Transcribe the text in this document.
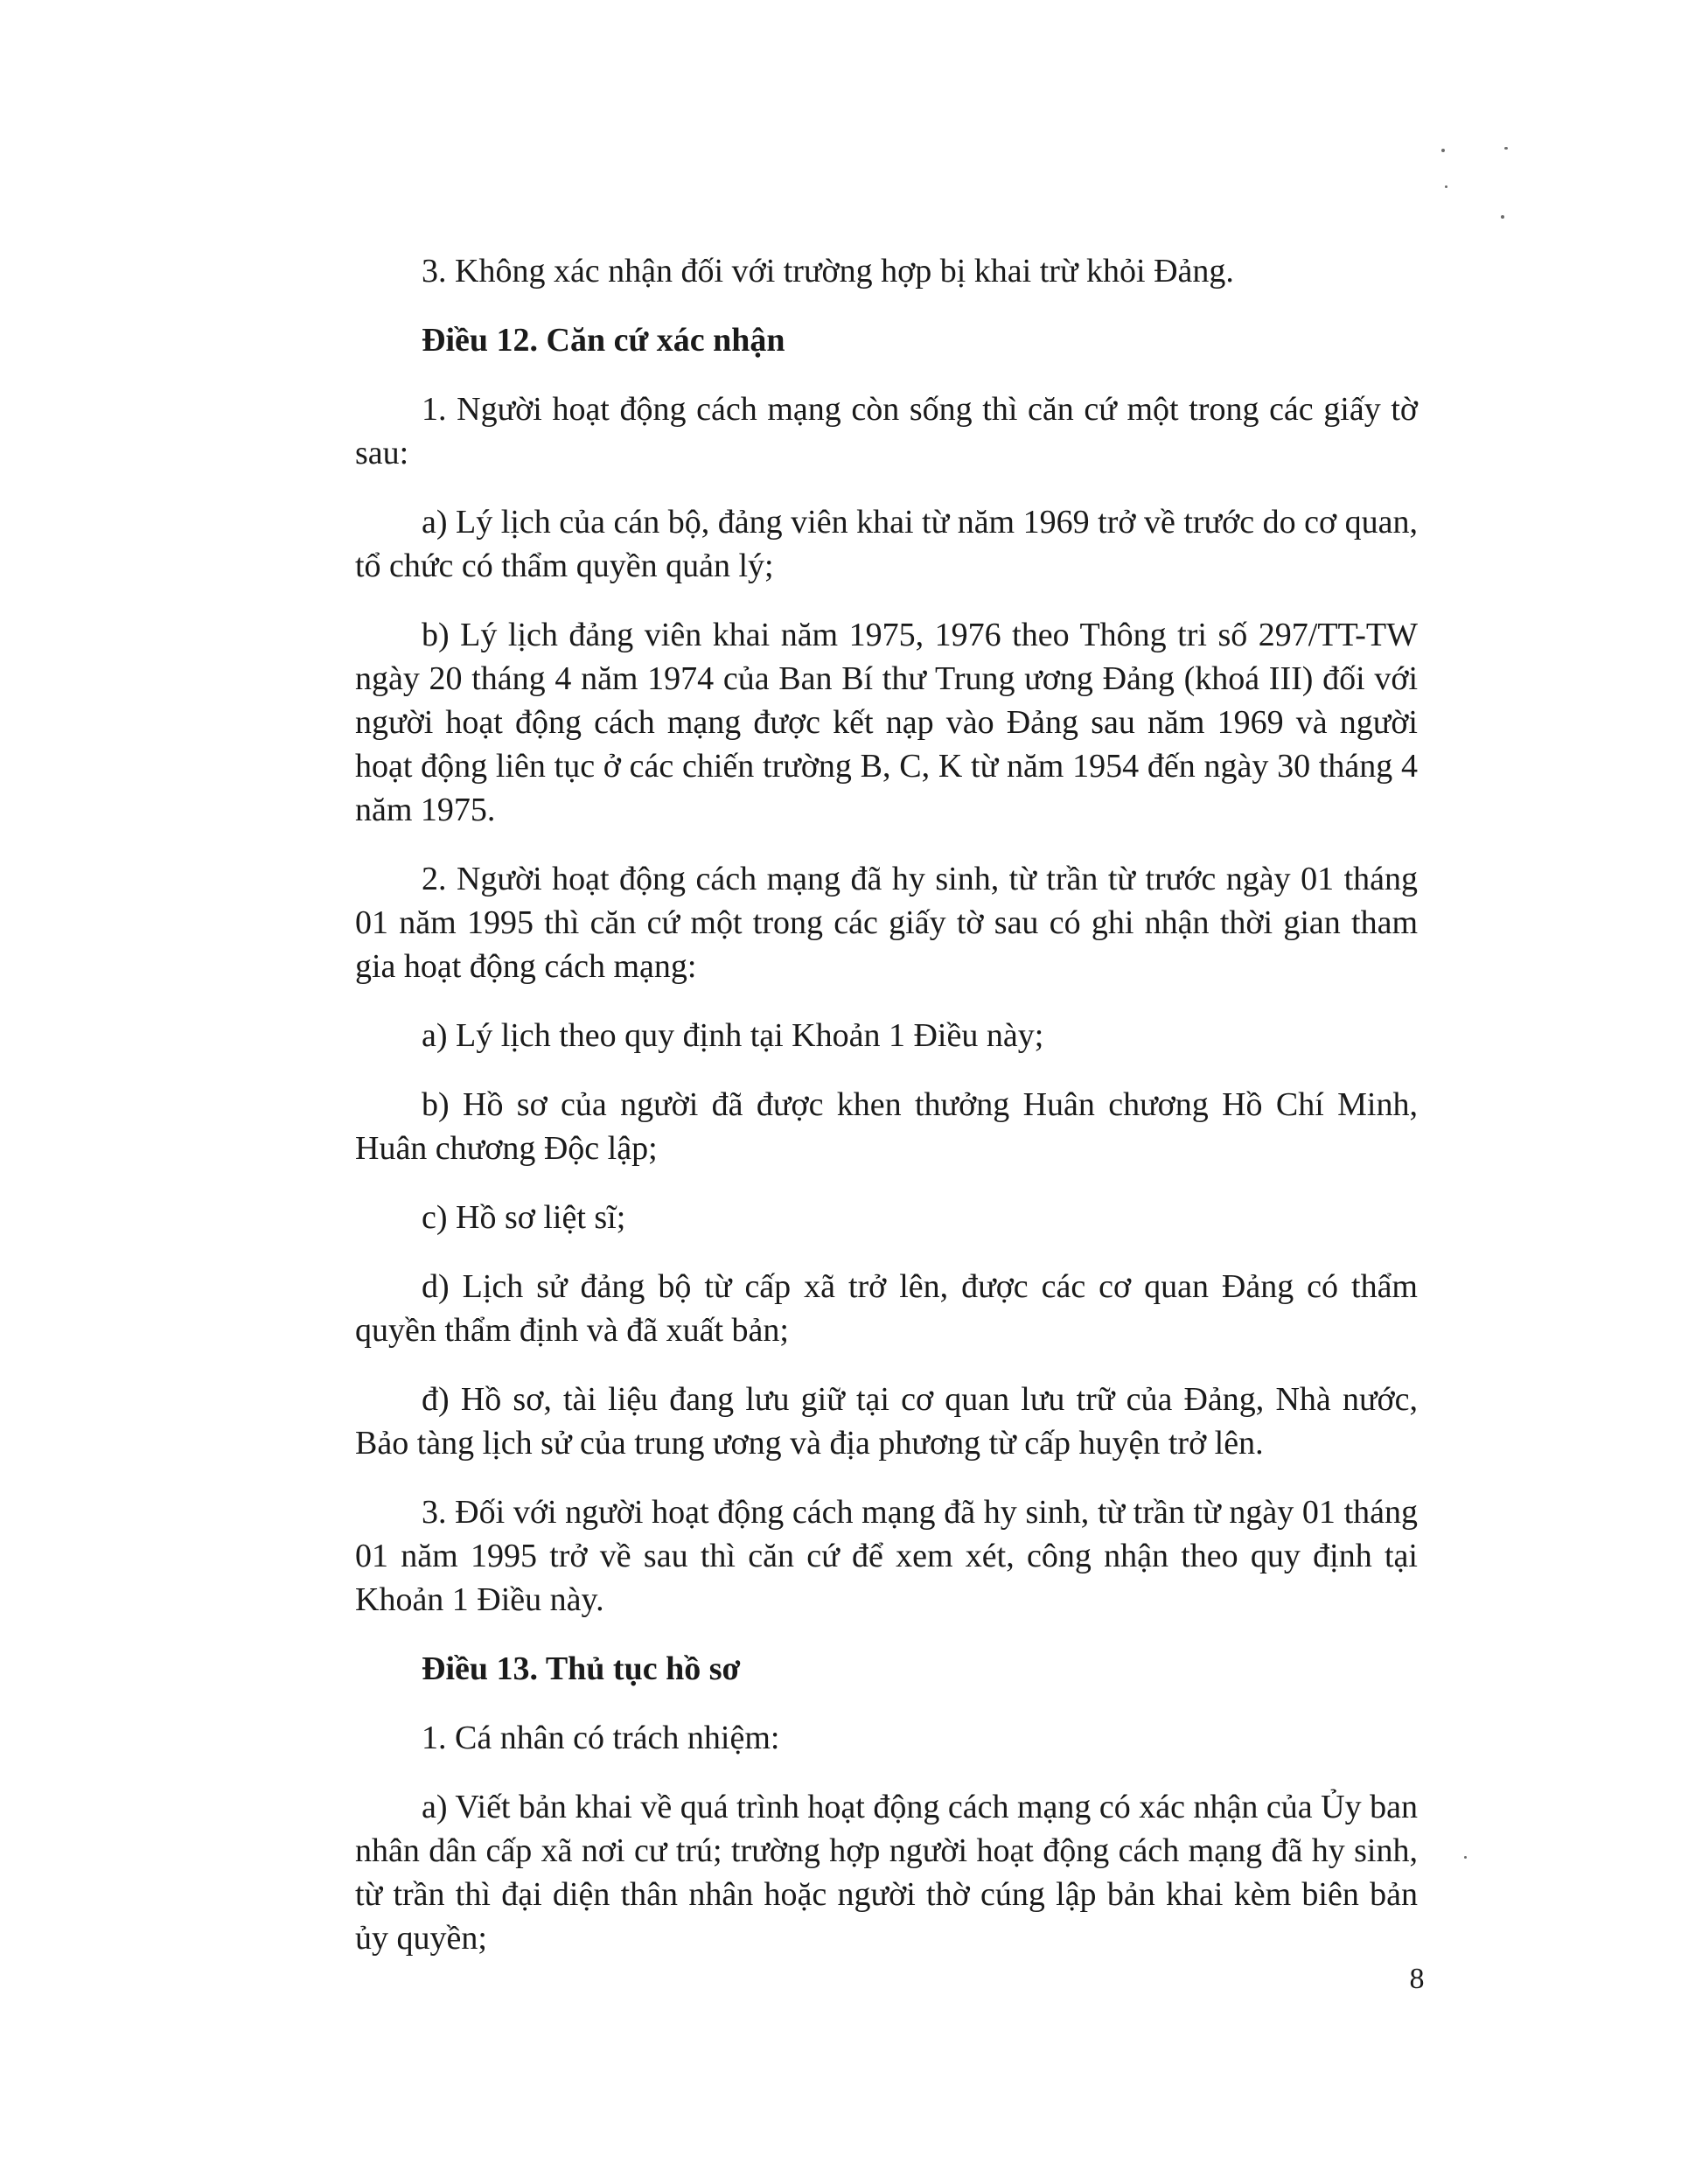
3. Không xác nhận đối với trường hợp bị khai trừ khỏi Đảng.

Điều 12. Căn cứ xác nhận

1. Người hoạt động cách mạng còn sống thì căn cứ một trong các giấy tờ sau:

a) Lý lịch của cán bộ, đảng viên khai từ năm 1969 trở về trước do cơ quan, tổ chức có thẩm quyền quản lý;

b) Lý lịch đảng viên khai năm 1975, 1976 theo Thông tri số 297/TT-TW ngày 20 tháng 4 năm 1974 của Ban Bí thư Trung ương Đảng (khoá III) đối với người hoạt động cách mạng được kết nạp vào Đảng sau năm 1969 và người hoạt động liên tục ở các chiến trường B, C, K từ năm 1954 đến ngày 30 tháng 4 năm 1975.

2. Người hoạt động cách mạng đã hy sinh, từ trần từ trước ngày 01 tháng 01 năm 1995 thì căn cứ một trong các giấy tờ sau có ghi nhận thời gian tham gia hoạt động cách mạng:

a) Lý lịch theo quy định tại Khoản 1 Điều này;

b) Hồ sơ của người đã được khen thưởng Huân chương Hồ Chí Minh, Huân chương Độc lập;

c) Hồ sơ liệt sĩ;

d) Lịch sử đảng bộ từ cấp xã trở lên, được các cơ quan Đảng có thẩm quyền thẩm định và đã xuất bản;

đ) Hồ sơ, tài liệu đang lưu giữ tại cơ quan lưu trữ của Đảng, Nhà nước, Bảo tàng lịch sử của trung ương và địa phương từ cấp huyện trở lên.

3. Đối với người hoạt động cách mạng đã hy sinh, từ trần từ ngày 01 tháng 01 năm 1995 trở về sau thì căn cứ để xem xét, công nhận theo quy định tại Khoản 1 Điều này.

Điều 13. Thủ tục hồ sơ

1. Cá nhân có trách nhiệm:

a) Viết bản khai về quá trình hoạt động cách mạng có xác nhận của Ủy ban nhân dân cấp xã nơi cư trú; trường hợp người hoạt động cách mạng đã hy sinh, từ trần thì đại diện thân nhân hoặc người thờ cúng lập bản khai kèm biên bản ủy quyền;

8
